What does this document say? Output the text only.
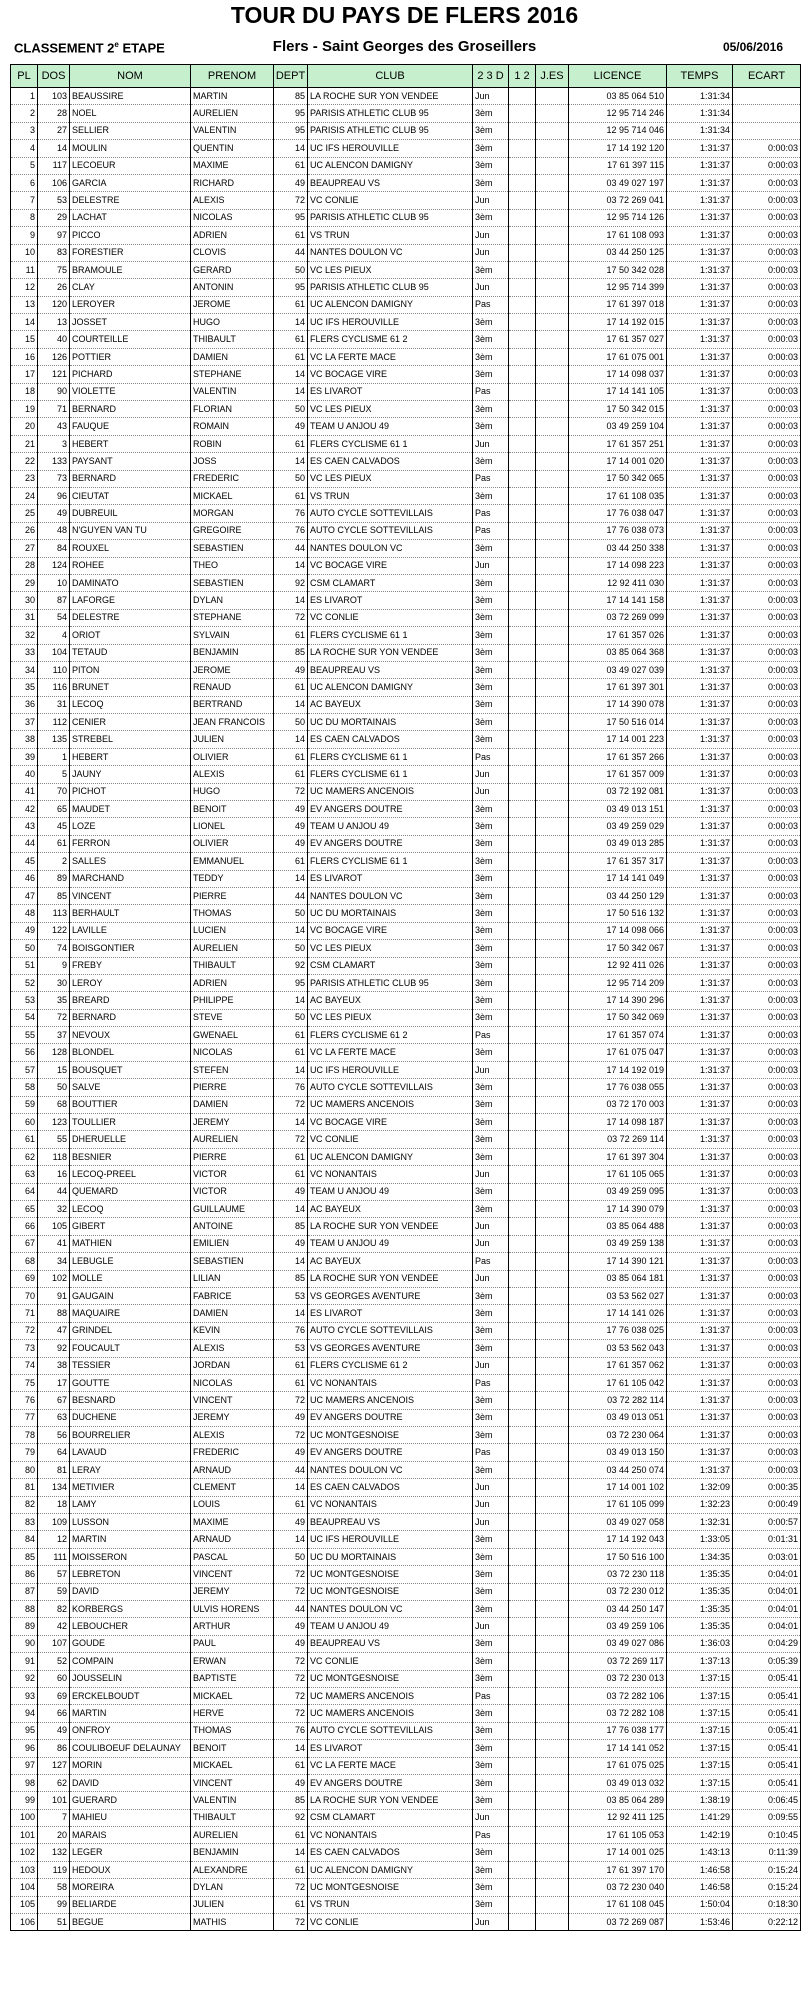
TOUR DU PAYS DE FLERS 2016
CLASSEMENT 2e ETAPE	Flers - Saint Georges des Groseillers	05/06/2016
PL	DOS	NOM	PRENOM	DEPT	CLUB	2 3 D	1 2	J.ES	LICENCE	TEMPS	ECART
1	103	BEAUSSIRE	MARTIN	85	LA ROCHE SUR YON VENDEE	Jun			03 85 064 510	1:31:34	
2	28	NOEL	AURELIEN	95	PARISIS ATHLETIC CLUB 95	3èm			12 95 714 246	1:31:34	
3	27	SELLIER	VALENTIN	95	PARISIS ATHLETIC CLUB 95	3èm			12 95 714 046	1:31:34	
4	14	MOULIN	QUENTIN	14	UC IFS HEROUVILLE	3èm			17 14 192 120	1:31:37	0:00:03
5	117	LECOEUR	MAXIME	61	UC ALENCON DAMIGNY	3èm			17 61 397 115	1:31:37	0:00:03
6	106	GARCIA	RICHARD	49	BEAUPREAU VS	3èm			03 49 027 197	1:31:37	0:00:03
7	53	DELESTRE	ALEXIS	72	VC CONLIE	Jun			03 72 269 041	1:31:37	0:00:03
8	29	LACHAT	NICOLAS	95	PARISIS ATHLETIC CLUB 95	3èm			12 95 714 126	1:31:37	0:00:03
9	97	PICCO	ADRIEN	61	VS TRUN	Jun			17 61 108 093	1:31:37	0:00:03
10	83	FORESTIER	CLOVIS	44	NANTES DOULON VC	Jun			03 44 250 125	1:31:37	0:00:03
11	75	BRAMOULE	GERARD	50	VC LES PIEUX	3èm			17 50 342 028	1:31:37	0:00:03
12	26	CLAY	ANTONIN	95	PARISIS ATHLETIC CLUB 95	Jun			12 95 714 399	1:31:37	0:00:03
13	120	LEROYER	JEROME	61	UC ALENCON DAMIGNY	Pas			17 61 397 018	1:31:37	0:00:03
14	13	JOSSET	HUGO	14	UC IFS HEROUVILLE	3èm			17 14 192 015	1:31:37	0:00:03
15	40	COURTEILLE	THIBAULT	61	FLERS CYCLISME 61 2	3èm			17 61 357 027	1:31:37	0:00:03
16	126	POTTIER	DAMIEN	61	VC LA FERTE MACE	3èm			17 61 075 001	1:31:37	0:00:03
17	121	PICHARD	STEPHANE	14	VC BOCAGE VIRE	3èm			17 14 098 037	1:31:37	0:00:03
18	90	VIOLETTE	VALENTIN	14	ES LIVAROT	Pas			17 14 141 105	1:31:37	0:00:03
19	71	BERNARD	FLORIAN	50	VC LES PIEUX	3èm			17 50 342 015	1:31:37	0:00:03
20	43	FAUQUE	ROMAIN	49	TEAM U ANJOU 49	3èm			03 49 259 104	1:31:37	0:00:03
21	3	HEBERT	ROBIN	61	FLERS CYCLISME 61 1	Jun			17 61 357 251	1:31:37	0:00:03
22	133	PAYSANT	JOSS	14	ES CAEN CALVADOS	3èm			17 14 001 020	1:31:37	0:00:03
23	73	BERNARD	FREDERIC	50	VC LES PIEUX	Pas			17 50 342 065	1:31:37	0:00:03
24	96	CIEUTAT	MICKAEL	61	VS TRUN	3èm			17 61 108 035	1:31:37	0:00:03
25	49	DUBREUIL	MORGAN	76	AUTO CYCLE SOTTEVILLAIS	Pas			17 76 038 047	1:31:37	0:00:03
26	48	N'GUYEN VAN TU	GREGOIRE	76	AUTO CYCLE SOTTEVILLAIS	Pas			17 76 038 073	1:31:37	0:00:03
27	84	ROUXEL	SEBASTIEN	44	NANTES DOULON VC	3èm			03 44 250 338	1:31:37	0:00:03
28	124	ROHEE	THEO	14	VC BOCAGE VIRE	Jun			17 14 098 223	1:31:37	0:00:03
29	10	DAMINATO	SEBASTIEN	92	CSM CLAMART	3èm			12 92 411 030	1:31:37	0:00:03
30	87	LAFORGE	DYLAN	14	ES LIVAROT	3èm			17 14 141 158	1:31:37	0:00:03
31	54	DELESTRE	STEPHANE	72	VC CONLIE	3èm			03 72 269 099	1:31:37	0:00:03
32	4	ORIOT	SYLVAIN	61	FLERS CYCLISME 61 1	3èm			17 61 357 026	1:31:37	0:00:03
33	104	TETAUD	BENJAMIN	85	LA ROCHE SUR YON VENDEE	3èm			03 85 064 368	1:31:37	0:00:03
34	110	PITON	JEROME	49	BEAUPREAU VS	3èm			03 49 027 039	1:31:37	0:00:03
35	116	BRUNET	RENAUD	61	UC ALENCON DAMIGNY	3èm			17 61 397 301	1:31:37	0:00:03
36	31	LECOQ	BERTRAND	14	AC BAYEUX	3èm			17 14 390 078	1:31:37	0:00:03
37	112	CENIER	JEAN FRANCOIS	50	UC DU MORTAINAIS	3èm			17 50 516 014	1:31:37	0:00:03
38	135	STREBEL	JULIEN	14	ES CAEN CALVADOS	3èm			17 14 001 223	1:31:37	0:00:03
39	1	HEBERT	OLIVIER	61	FLERS CYCLISME 61 1	Pas			17 61 357 266	1:31:37	0:00:03
40	5	JAUNY	ALEXIS	61	FLERS CYCLISME 61 1	Jun			17 61 357 009	1:31:37	0:00:03
41	70	PICHOT	HUGO	72	UC MAMERS ANCENOIS	Jun			03 72 192 081	1:31:37	0:00:03
42	65	MAUDET	BENOIT	49	EV ANGERS DOUTRE	3èm			03 49 013 151	1:31:37	0:00:03
43	45	LOZE	LIONEL	49	TEAM U ANJOU 49	3èm			03 49 259 029	1:31:37	0:00:03
44	61	FERRON	OLIVIER	49	EV ANGERS DOUTRE	3èm			03 49 013 285	1:31:37	0:00:03
45	2	SALLES	EMMANUEL	61	FLERS CYCLISME 61 1	3èm			17 61 357 317	1:31:37	0:00:03
46	89	MARCHAND	TEDDY	14	ES LIVAROT	3èm			17 14 141 049	1:31:37	0:00:03
47	85	VINCENT	PIERRE	44	NANTES DOULON VC	3èm			03 44 250 129	1:31:37	0:00:03
48	113	BERHAULT	THOMAS	50	UC DU MORTAINAIS	3èm			17 50 516 132	1:31:37	0:00:03
49	122	LAVILLE	LUCIEN	14	VC BOCAGE VIRE	3èm			17 14 098 066	1:31:37	0:00:03
50	74	BOISGONTIER	AURELIEN	50	VC LES PIEUX	3èm			17 50 342 067	1:31:37	0:00:03
51	9	FREBY	THIBAULT	92	CSM CLAMART	3èm			12 92 411 026	1:31:37	0:00:03
52	30	LEROY	ADRIEN	95	PARISIS ATHLETIC CLUB 95	3èm			12 95 714 209	1:31:37	0:00:03
53	35	BREARD	PHILIPPE	14	AC BAYEUX	3èm			17 14 390 296	1:31:37	0:00:03
54	72	BERNARD	STEVE	50	VC LES PIEUX	3èm			17 50 342 069	1:31:37	0:00:03
55	37	NEVOUX	GWENAEL	61	FLERS CYCLISME 61 2	Pas			17 61 357 074	1:31:37	0:00:03
56	128	BLONDEL	NICOLAS	61	VC LA FERTE MACE	3èm			17 61 075 047	1:31:37	0:00:03
57	15	BOUSQUET	STEFEN	14	UC IFS HEROUVILLE	Jun			17 14 192 019	1:31:37	0:00:03
58	50	SALVE	PIERRE	76	AUTO CYCLE SOTTEVILLAIS	3èm			17 76 038 055	1:31:37	0:00:03
59	68	BOUTTIER	DAMIEN	72	UC MAMERS ANCENOIS	3èm			03 72 170 003	1:31:37	0:00:03
60	123	TOULLIER	JEREMY	14	VC BOCAGE VIRE	3èm			17 14 098 187	1:31:37	0:00:03
61	55	DHERUELLE	AURELIEN	72	VC CONLIE	3èm			03 72 269 114	1:31:37	0:00:03
62	118	BESNIER	PIERRE	61	UC ALENCON DAMIGNY	3èm			17 61 397 304	1:31:37	0:00:03
63	16	LECOQ-PREEL	VICTOR	61	VC NONANTAIS	Jun			17 61 105 065	1:31:37	0:00:03
64	44	QUEMARD	VICTOR	49	TEAM U ANJOU 49	3èm			03 49 259 095	1:31:37	0:00:03
65	32	LECOQ	GUILLAUME	14	AC BAYEUX	3èm			17 14 390 079	1:31:37	0:00:03
66	105	GIBERT	ANTOINE	85	LA ROCHE SUR YON VENDEE	Jun			03 85 064 488	1:31:37	0:00:03
67	41	MATHIEN	EMILIEN	49	TEAM U ANJOU 49	Jun			03 49 259 138	1:31:37	0:00:03
68	34	LEBUGLE	SEBASTIEN	14	AC BAYEUX	Pas			17 14 390 121	1:31:37	0:00:03
69	102	MOLLE	LILIAN	85	LA ROCHE SUR YON VENDEE	Jun			03 85 064 181	1:31:37	0:00:03
70	91	GAUGAIN	FABRICE	53	VS GEORGES AVENTURE	3èm			03 53 562 027	1:31:37	0:00:03
71	88	MAQUAIRE	DAMIEN	14	ES LIVAROT	3èm			17 14 141 026	1:31:37	0:00:03
72	47	GRINDEL	KEVIN	76	AUTO CYCLE SOTTEVILLAIS	3èm			17 76 038 025	1:31:37	0:00:03
73	92	FOUCAULT	ALEXIS	53	VS GEORGES AVENTURE	3èm			03 53 562 043	1:31:37	0:00:03
74	38	TESSIER	JORDAN	61	FLERS CYCLISME 61 2	Jun			17 61 357 062	1:31:37	0:00:03
75	17	GOUTTE	NICOLAS	61	VC NONANTAIS	Pas			17 61 105 042	1:31:37	0:00:03
76	67	BESNARD	VINCENT	72	UC MAMERS ANCENOIS	3èm			03 72 282 114	1:31:37	0:00:03
77	63	DUCHENE	JEREMY	49	EV ANGERS DOUTRE	3èm			03 49 013 051	1:31:37	0:00:03
78	56	BOURRELIER	ALEXIS	72	UC MONTGESNOISE	3èm			03 72 230 064	1:31:37	0:00:03
79	64	LAVAUD	FREDERIC	49	EV ANGERS DOUTRE	Pas			03 49 013 150	1:31:37	0:00:03
80	81	LERAY	ARNAUD	44	NANTES DOULON VC	3èm			03 44 250 074	1:31:37	0:00:03
81	134	METIVIER	CLEMENT	14	ES CAEN CALVADOS	Jun			17 14 001 102	1:32:09	0:00:35
82	18	LAMY	LOUIS	61	VC NONANTAIS	Jun			17 61 105 099	1:32:23	0:00:49
83	109	LUSSON	MAXIME	49	BEAUPREAU VS	Jun			03 49 027 058	1:32:31	0:00:57
84	12	MARTIN	ARNAUD	14	UC IFS HEROUVILLE	3èm			17 14 192 043	1:33:05	0:01:31
85	111	MOISSERON	PASCAL	50	UC DU MORTAINAIS	3èm			17 50 516 100	1:34:35	0:03:01
86	57	LEBRETON	VINCENT	72	UC MONTGESNOISE	3èm			03 72 230 118	1:35:35	0:04:01
87	59	DAVID	JEREMY	72	UC MONTGESNOISE	3èm			03 72 230 012	1:35:35	0:04:01
88	82	KORBERGS	ULVIS HORENS	44	NANTES DOULON VC	3èm			03 44 250 147	1:35:35	0:04:01
89	42	LEBOUCHER	ARTHUR	49	TEAM U ANJOU 49	Jun			03 49 259 106	1:35:35	0:04:01
90	107	GOUDE	PAUL	49	BEAUPREAU VS	3èm			03 49 027 086	1:36:03	0:04:29
91	52	COMPAIN	ERWAN	72	VC CONLIE	3èm			03 72 269 117	1:37:13	0:05:39
92	60	JOUSSELIN	BAPTISTE	72	UC MONTGESNOISE	3èm			03 72 230 013	1:37:15	0:05:41
93	69	ERCKELBOUDT	MICKAEL	72	UC MAMERS ANCENOIS	Pas			03 72 282 106	1:37:15	0:05:41
94	66	MARTIN	HERVE	72	UC MAMERS ANCENOIS	3èm			03 72 282 108	1:37:15	0:05:41
95	49	ONFROY	THOMAS	76	AUTO CYCLE SOTTEVILLAIS	3èm			17 76 038 177	1:37:15	0:05:41
96	86	COULIBOEUF DELAUNAY	BENOIT	14	ES LIVAROT	3èm			17 14 141 052	1:37:15	0:05:41
97	127	MORIN	MICKAEL	61	VC LA FERTE MACE	3èm			17 61 075 025	1:37:15	0:05:41
98	62	DAVID	VINCENT	49	EV ANGERS DOUTRE	3èm			03 49 013 032	1:37:15	0:05:41
99	101	GUERARD	VALENTIN	85	LA ROCHE SUR YON VENDEE	3èm			03 85 064 289	1:38:19	0:06:45
100	7	MAHIEU	THIBAULT	92	CSM CLAMART	Jun			12 92 411 125	1:41:29	0:09:55
101	20	MARAIS	AURELIEN	61	VC NONANTAIS	Pas			17 61 105 053	1:42:19	0:10:45
102	132	LEGER	BENJAMIN	14	ES CAEN CALVADOS	3èm			17 14 001 025	1:43:13	0:11:39
103	119	HEDOUX	ALEXANDRE	61	UC ALENCON DAMIGNY	3èm			17 61 397 170	1:46:58	0:15:24
104	58	MOREIRA	DYLAN	72	UC MONTGESNOISE	3èm			03 72 230 040	1:46:58	0:15:24
105	99	BELIARDE	JULIEN	61	VS TRUN	3èm			17 61 108 045	1:50:04	0:18:30
106	51	BEGUE	MATHIS	72	VC CONLIE	Jun			03 72 269 087	1:53:46	0:22:12
